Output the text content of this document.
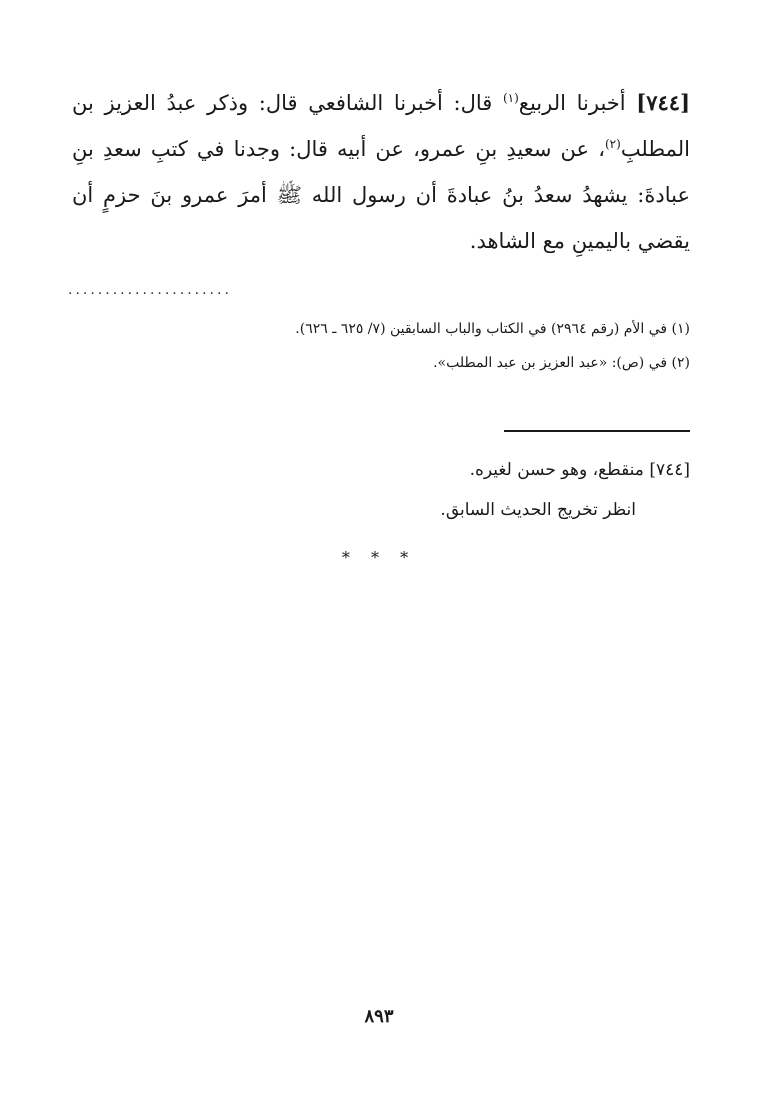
[٧٤٤] أخبرنا الربيع$^{(١)}$ قال: أخبرنا الشافعي قال: وذكر عبدُ العزيز بن المطلبِ$^{(٢)}$، عن سعيدِ بنِ عمرو، عن أبيه قال: وجدنا في كتبِ سعدِ بنِ عبادةَ: يشهدُ سعدُ بنُ عبادةَ أن رسول الله ﷺ أمرَ عمرو بنَ حزمٍ أن يقضي باليمينِ مع الشاهد.
......................

(١) في الأم (رقم ٢٩٦٤) في الكتاب والباب السابقين (٧/ ٦٢٥ ـ ٦٢٦).

(٢) في (ص): «عبد العزيز بن عبد المطلب».

[٧٤٤] منقطع، وهو حسن لغيره.

انظر تخريج الحديث السابق.

* * *
٨٩٣
